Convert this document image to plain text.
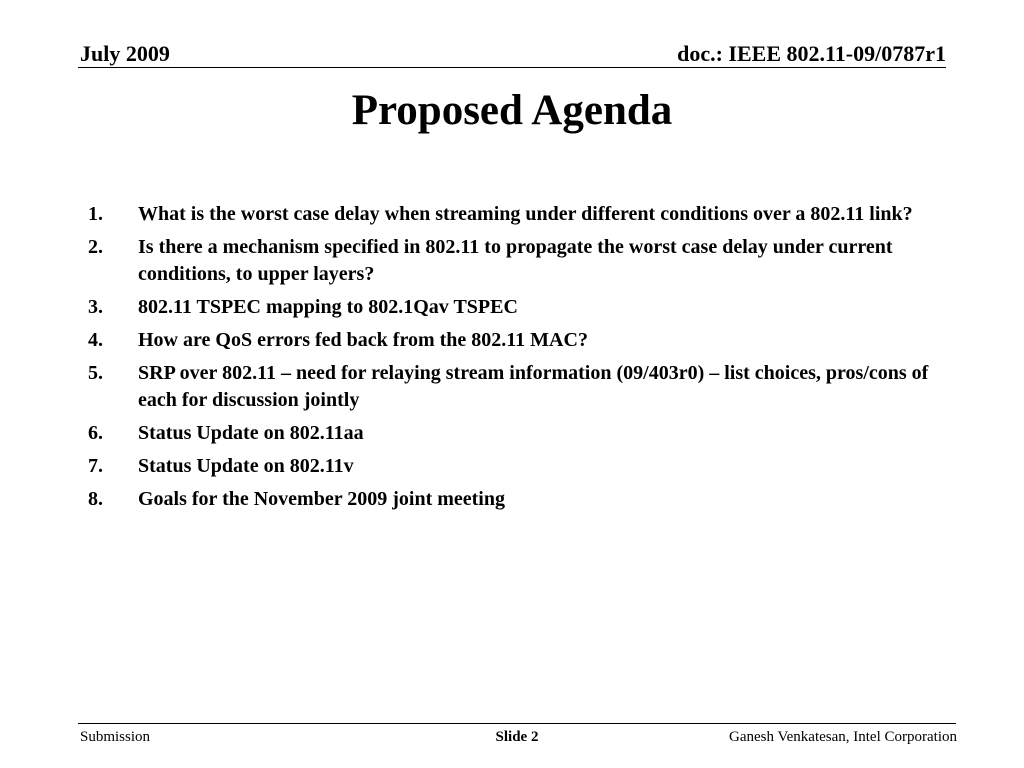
July 2009	doc.: IEEE 802.11-09/0787r1
Proposed Agenda
1. What is the worst case delay when streaming under different conditions over a 802.11 link?
2. Is there a mechanism specified in 802.11 to propagate the worst case delay under current conditions, to upper layers?
3. 802.11 TSPEC mapping to 802.1Qav TSPEC
4. How are QoS errors fed back from the 802.11 MAC?
5. SRP over 802.11 – need for relaying stream information (09/403r0) – list choices, pros/cons of each for discussion jointly
6. Status Update on 802.11aa
7. Status Update on 802.11v
8. Goals for the November 2009 joint meeting
Submission	Slide 2	Ganesh Venkatesan, Intel Corporation
